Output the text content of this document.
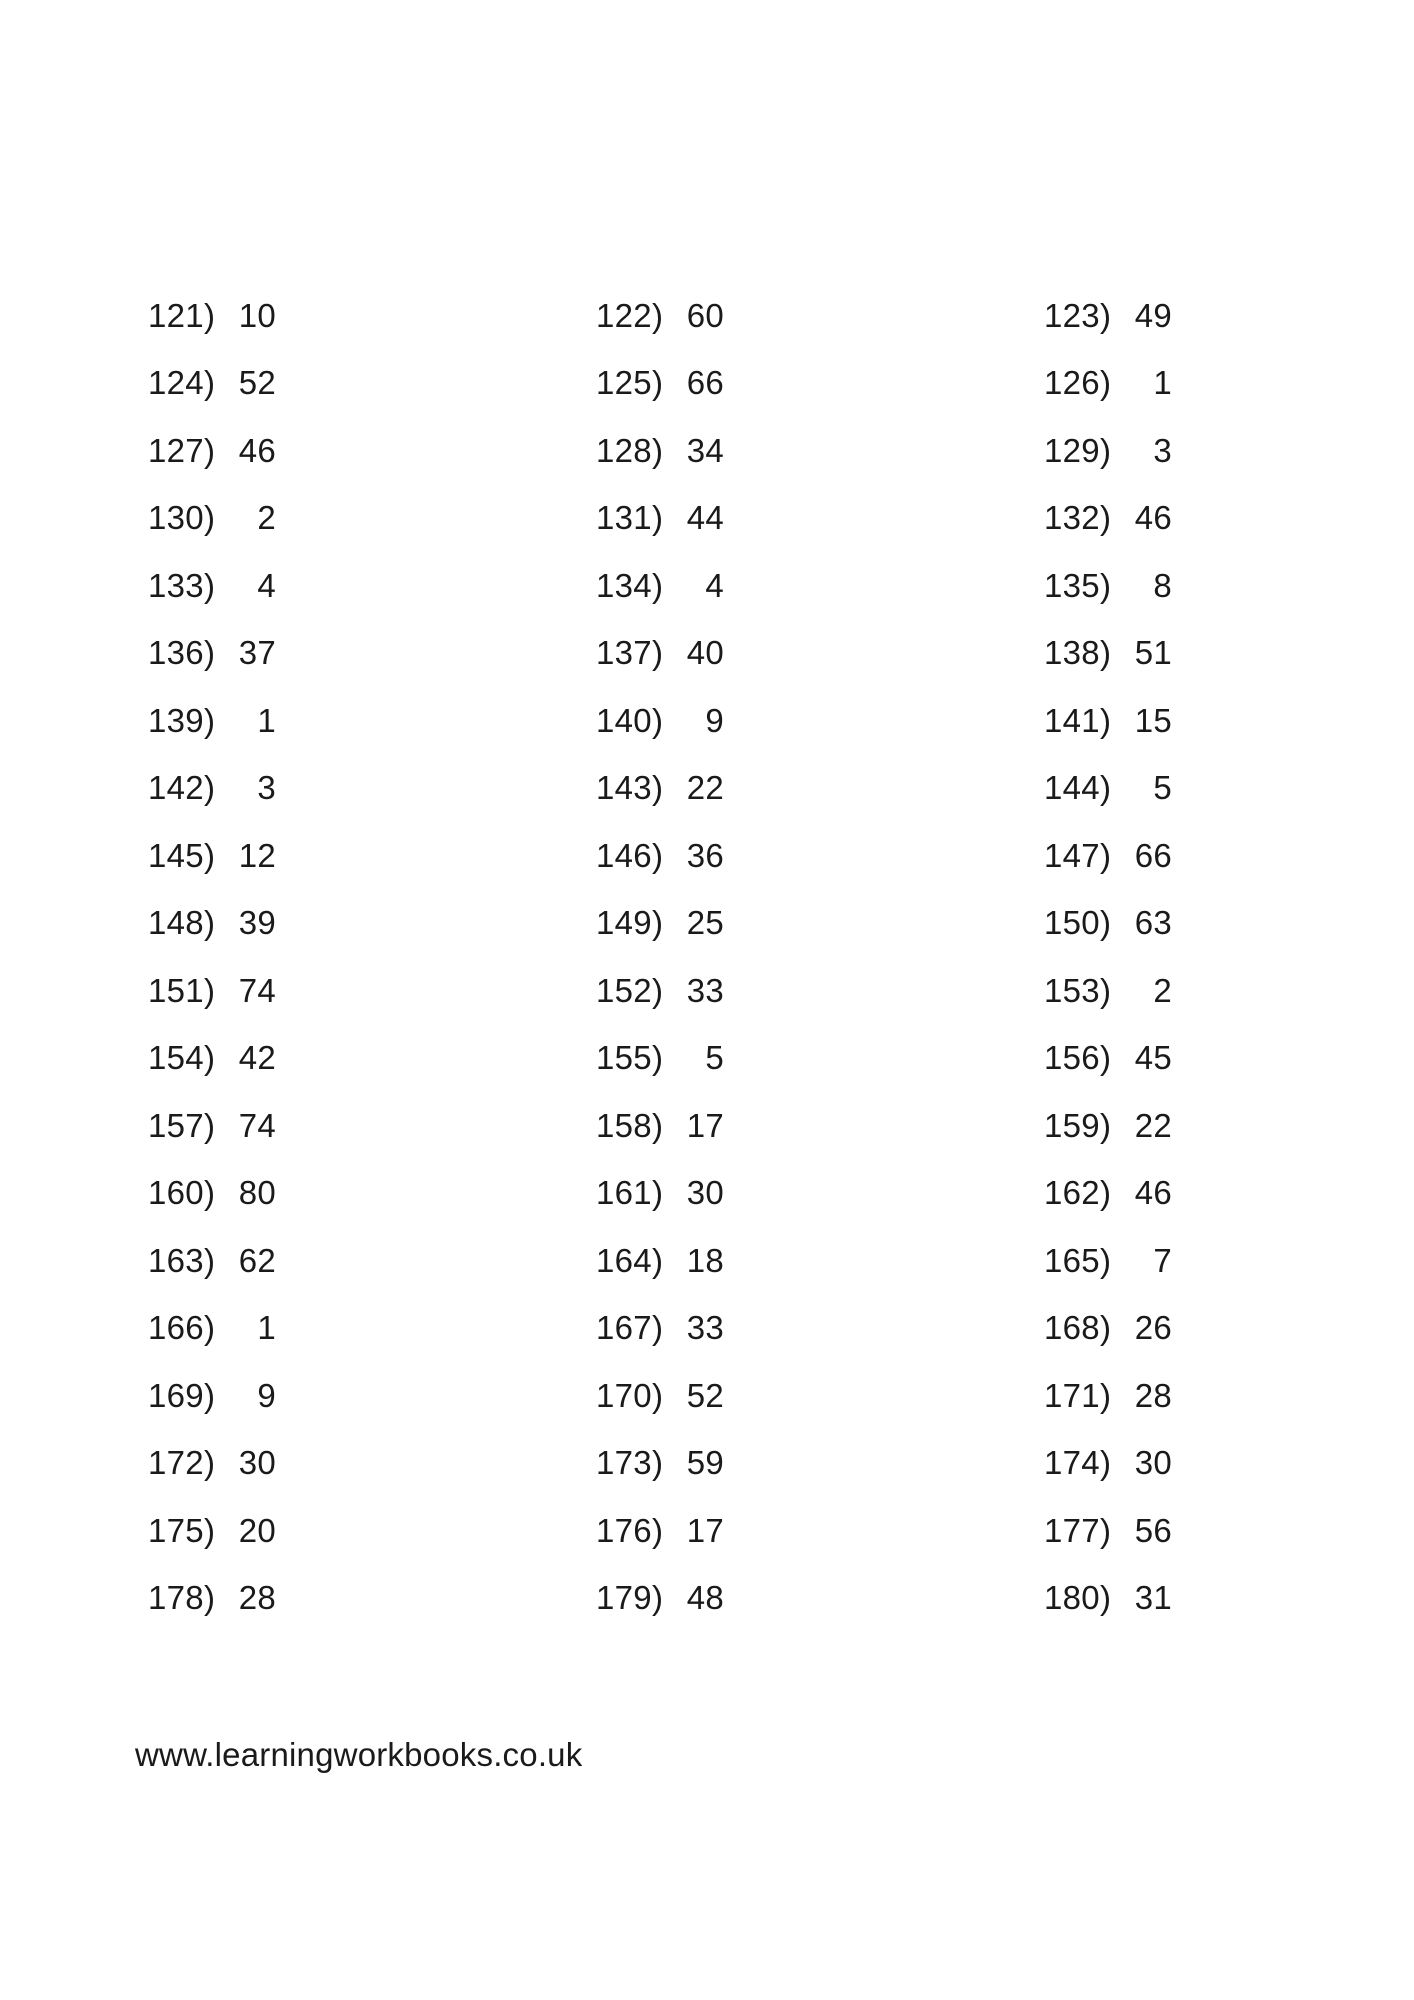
121) 10	122) 60	123) 49
124) 52	125) 66	126)	1
127) 46	128) 34	129)	3
130)	2	131) 44	132) 46
133)	4	134)	4	135)	8
136) 37	137) 40	138) 51
139)	1	140)	9	141) 15
142)	3	143) 22	144)	5
145) 12	146) 36	147) 66
148) 39	149) 25	150) 63
151) 74	152) 33	153)	2
154) 42	155)	5	156) 45
157) 74	158) 17	159) 22
160) 80	161) 30	162) 46
163) 62	164) 18	165)	7
166)	1	167) 33	168) 26
169)	9	170) 52	171) 28
172) 30	173) 59	174) 30
175) 20	176) 17	177) 56
178) 28	179) 48	180) 31
www.learningworkbooks.co.uk
